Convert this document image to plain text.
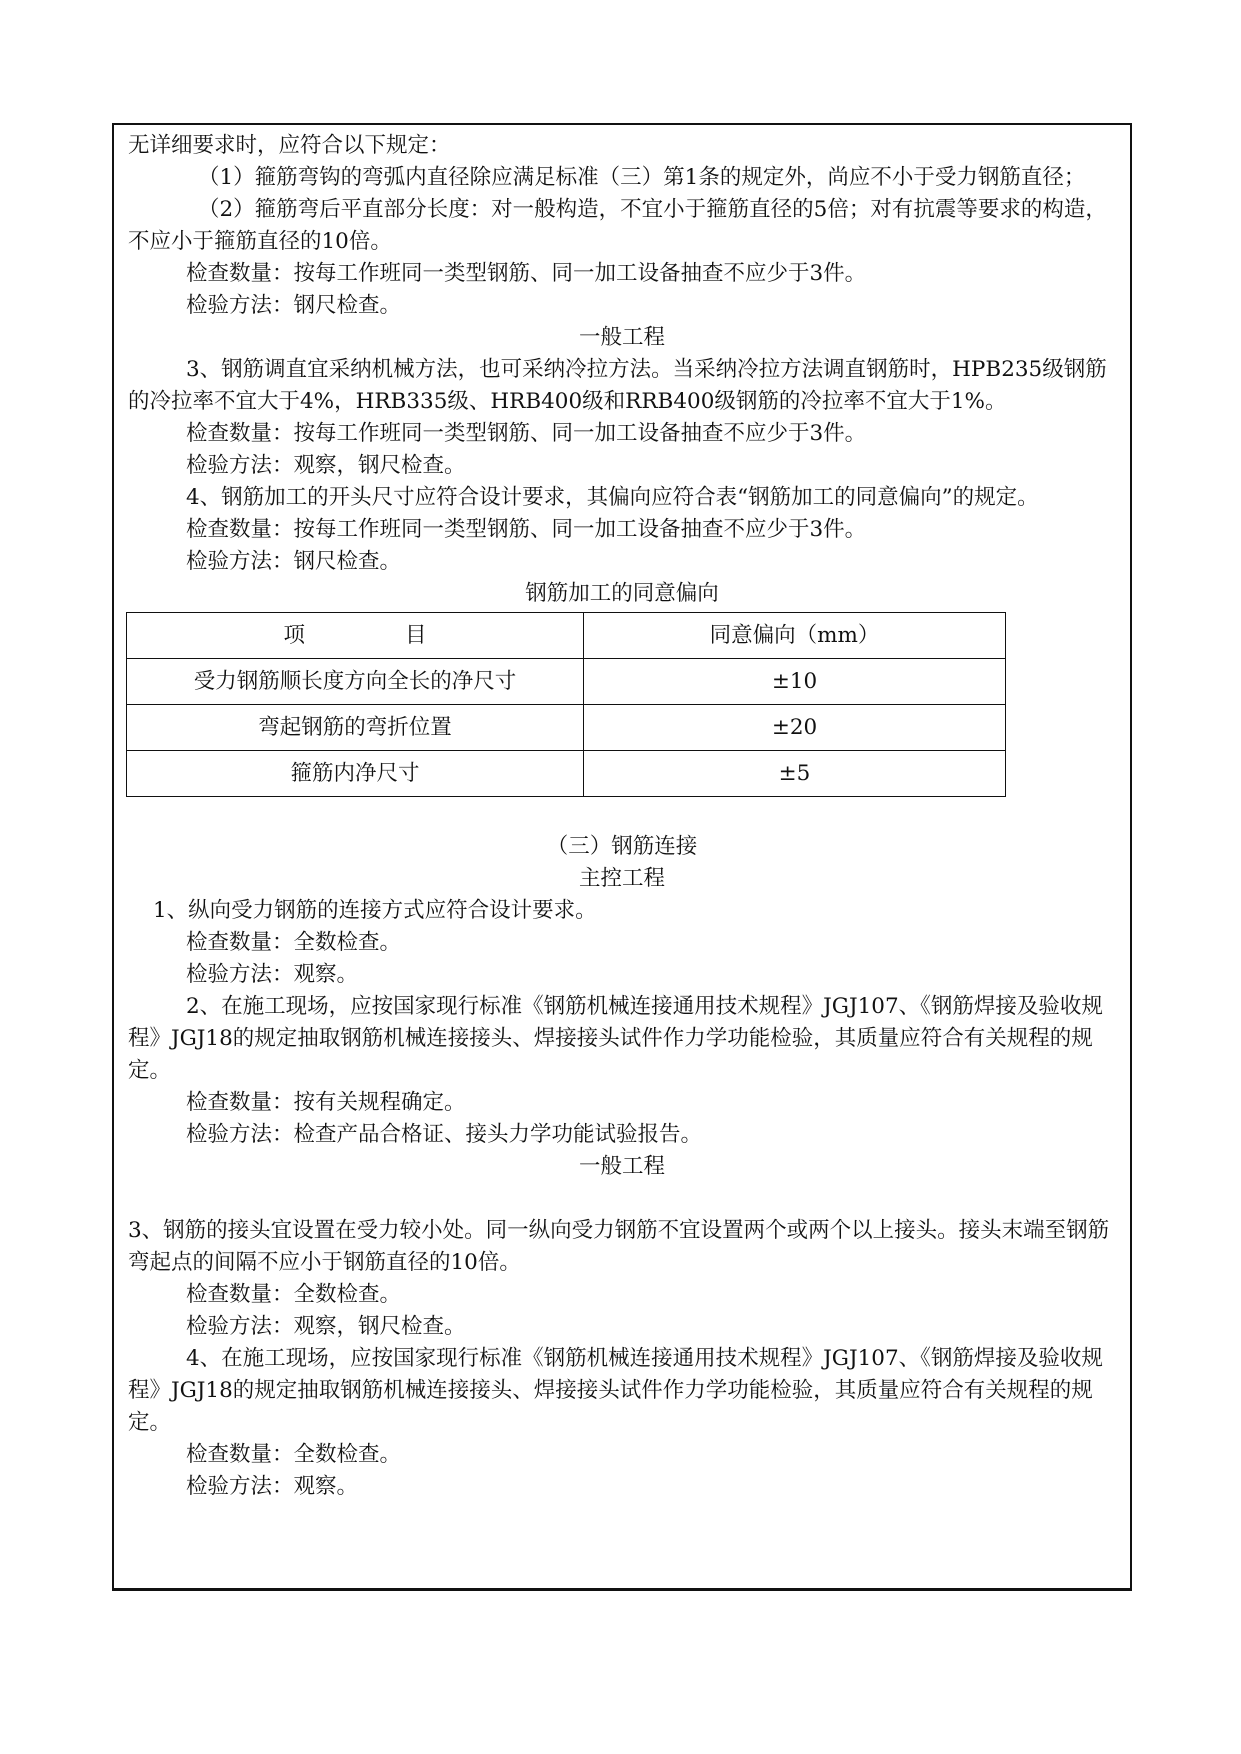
无详细要求时，应符合以下规定：

（1）箍筋弯钩的弯弧内直径除应满足标准（三）第1条的规定外，尚应不小于受力钢筋直径；

（2）箍筋弯后平直部分长度：对一般构造，不宜小于箍筋直径的5倍；对有抗震等要求的构造，不应小于箍筋直径的10倍。

检查数量：按每工作班同一类型钢筋、同一加工设备抽查不应少于3件。

检验方法：钢尺检查。

一般工程

3、钢筋调直宜采纳机械方法，也可采纳冷拉方法。当采纳冷拉方法调直钢筋时，HPB235级钢筋的冷拉率不宜大于4%，HRB335级、HRB400级和RRB400级钢筋的冷拉率不宜大于1%。

检查数量：按每工作班同一类型钢筋、同一加工设备抽查不应少于3件。

检验方法：观察，钢尺检查。

4、钢筋加工的开头尺寸应符合设计要求，其偏向应符合表“钢筋加工的同意偏向”的规定。

检查数量：按每工作班同一类型钢筋、同一加工设备抽查不应少于3件。

检验方法：钢尺检查。

钢筋加工的同意偏向

项 目	同意偏向（mm）
受力钢筋顺长度方向全长的净尺寸	±10
弯起钢筋的弯折位置	±20
箍筋内净尺寸	±5

（三）钢筋连接

主控工程

1、纵向受力钢筋的连接方式应符合设计要求。

检查数量：全数检查。

检验方法：观察。

2、在施工现场，应按国家现行标准《钢筋机械连接通用技术规程》JGJ107、《钢筋焊接及验收规程》JGJ18的规定抽取钢筋机械连接接头、焊接接头试件作力学功能检验，其质量应符合有关规程的规定。

检查数量：按有关规程确定。

检验方法：检查产品合格证、接头力学功能试验报告。

一般工程

3、钢筋的接头宜设置在受力较小处。同一纵向受力钢筋不宜设置两个或两个以上接头。接头末端至钢筋弯起点的间隔不应小于钢筋直径的10倍。

检查数量：全数检查。

检验方法：观察，钢尺检查。

4、在施工现场，应按国家现行标准《钢筋机械连接通用技术规程》JGJ107、《钢筋焊接及验收规程》JGJ18的规定抽取钢筋机械连接接头、焊接接头试件作力学功能检验，其质量应符合有关规程的规定。

检查数量：全数检查。

检验方法：观察。
